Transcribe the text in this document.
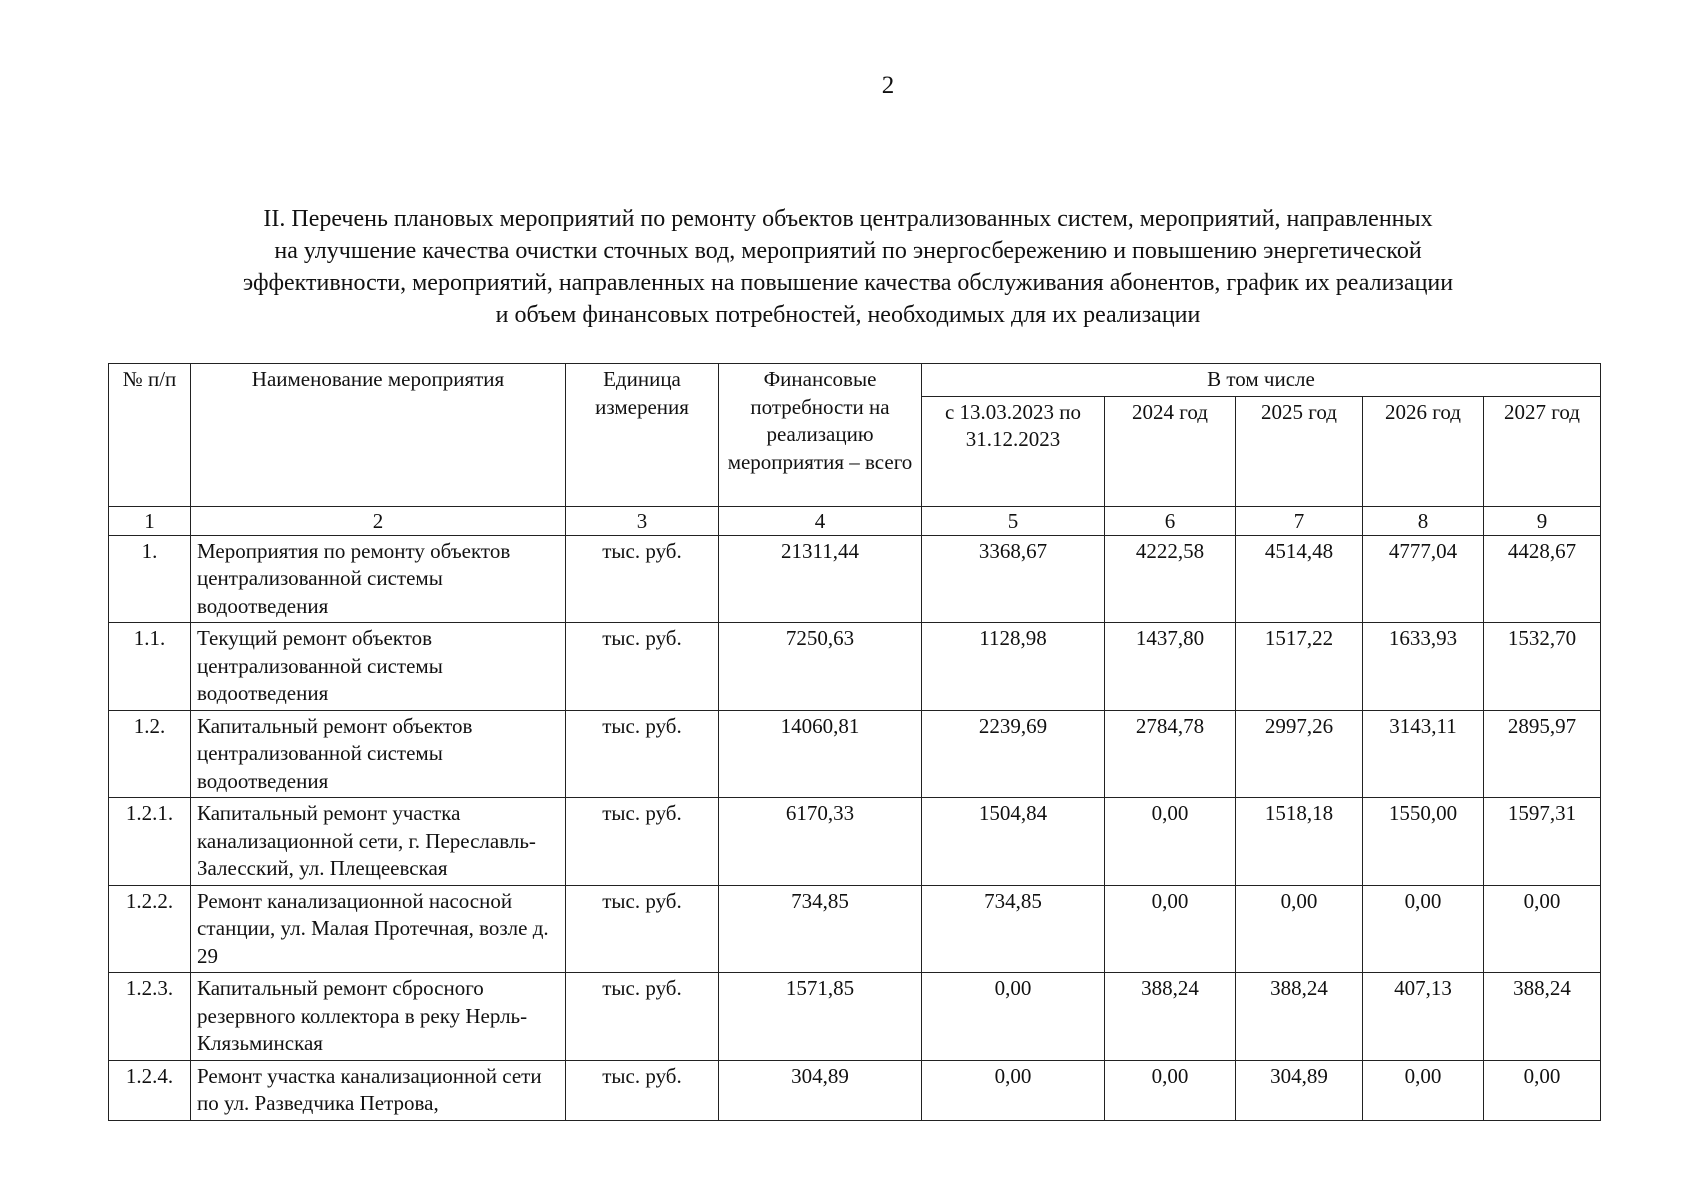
2
II. Перечень плановых мероприятий по ремонту объектов централизованных систем, мероприятий, направленных
на улучшение качества очистки сточных вод, мероприятий по энергосбережению и повышению энергетической
эффективности, мероприятий, направленных на повышение качества обслуживания абонентов, график их реализации
и объем финансовых потребностей, необходимых для их реализации
№ п/п	Наименование мероприятия	Единица измерения	Финансовые потребности на реализацию мероприятия – всего	В том числе				
				с 13.03.2023 по 31.12.2023	2024 год	2025 год	2026 год	2027 год
1	2	3	4	5	6	7	8	9
1.	Мероприятия по ремонту объектов централизованной системы водоотведения	тыс. руб.	21311,44	3368,67	4222,58	4514,48	4777,04	4428,67
1.1.	Текущий ремонт объектов централизованной системы водоотведения	тыс. руб.	7250,63	1128,98	1437,80	1517,22	1633,93	1532,70
1.2.	Капитальный ремонт объектов централизованной системы водоотведения	тыс. руб.	14060,81	2239,69	2784,78	2997,26	3143,11	2895,97
1.2.1.	Капитальный ремонт участка канализационной сети, г. Переславль-Залесский, ул. Плещеевская	тыс. руб.	6170,33	1504,84	0,00	1518,18	1550,00	1597,31
1.2.2.	Ремонт канализационной насосной станции, ул. Малая Протечная, возле д. 29	тыс. руб.	734,85	734,85	0,00	0,00	0,00	0,00
1.2.3.	Капитальный ремонт сбросного резервного коллектора в реку Нерль-Клязьминская	тыс. руб.	1571,85	0,00	388,24	388,24	407,13	388,24
1.2.4.	Ремонт участка канализационной сети по ул. Разведчика Петрова,	тыс. руб.	304,89	0,00	0,00	304,89	0,00	0,00
